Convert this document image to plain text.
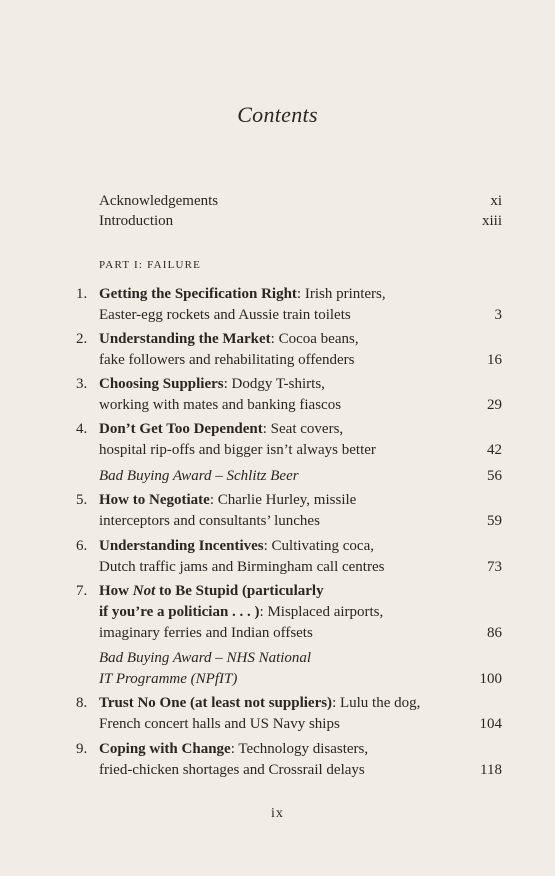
Contents
Acknowledgements	xi
Introduction	xiii
PART I: FAILURE
1. Getting the Specification Right: Irish printers,
Easter-egg rockets and Aussie train toilets	3
2. Understanding the Market: Cocoa beans,
fake followers and rehabilitating offenders	16
3. Choosing Suppliers: Dodgy T-shirts,
working with mates and banking fiascos	29
4. Don’t Get Too Dependent: Seat covers,
hospital rip-offs and bigger isn’t always better	42
Bad Buying Award – Schlitz Beer	56
5. How to Negotiate: Charlie Hurley, missile
interceptors and consultants’ lunches	59
6. Understanding Incentives: Cultivating coca,
Dutch traffic jams and Birmingham call centres	73
7. How Not to Be Stupid (particularly
if you’re a politician . . . ): Misplaced airports,
imaginary ferries and Indian offsets	86
Bad Buying Award – NHS National
IT Programme (NPfIT)	100
8. Trust No One (at least not suppliers): Lulu the dog,
French concert halls and US Navy ships	104
9. Coping with Change: Technology disasters,
fried-chicken shortages and Crossrail delays	118
ix
